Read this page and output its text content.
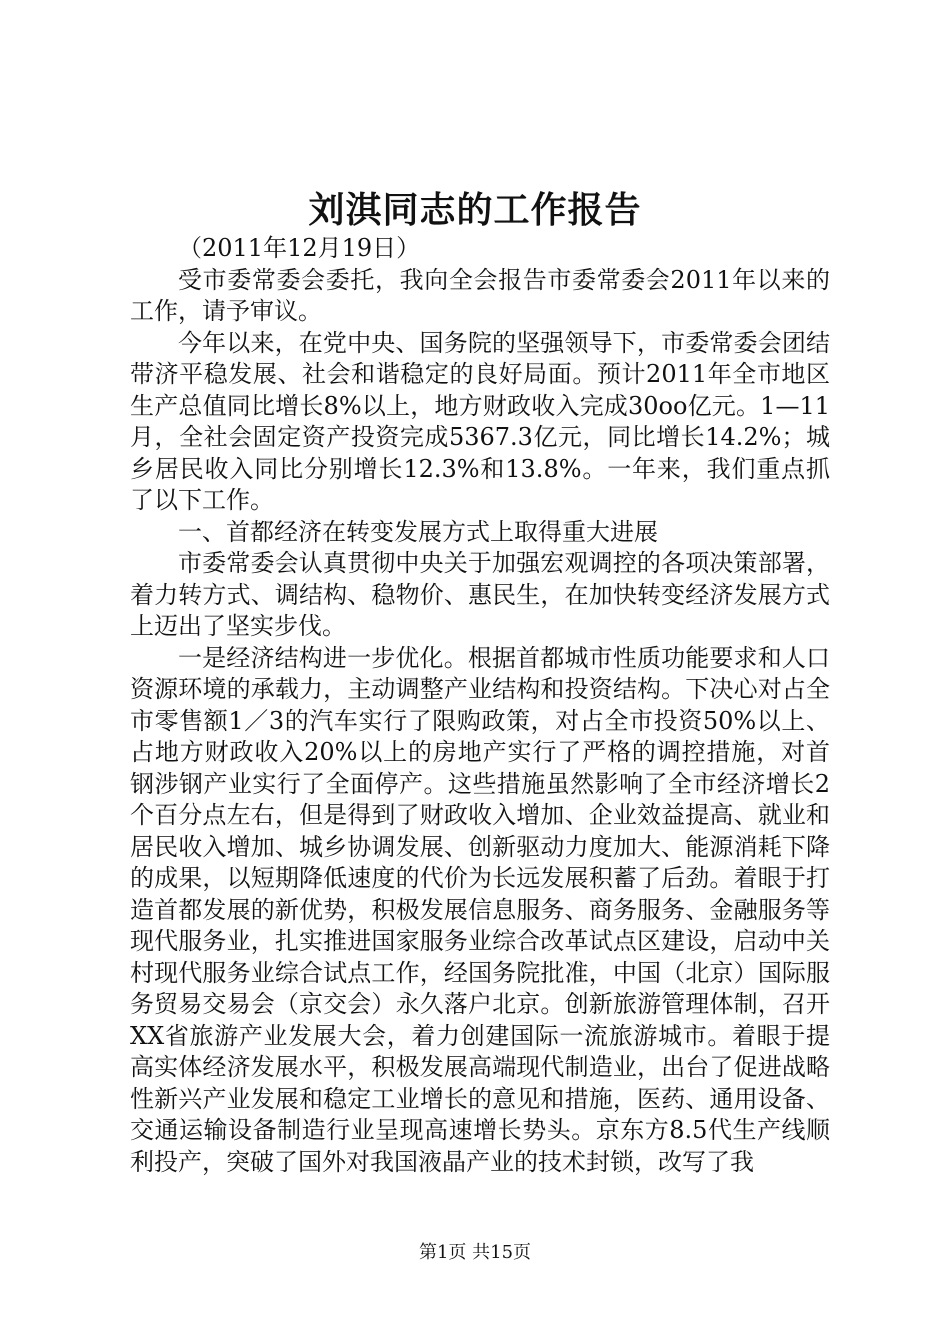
刘淇同志的工作报告

（2011年12月19日）

受市委常委会委托，我向全会报告市委常委会2011年以来的工作，请予审议。

今年以来，在党中央、国务院的坚强领导下，市委常委会团结带济平稳发展、社会和谐稳定的良好局面。预计2011年全市地区生产总值同比增长8%以上，地方财政收入完成30oo亿元。1—11月，全社会固定资产投资完成5367.3亿元，同比增长14.2%；城乡居民收入同比分别增长12.3%和13.8%。一年来，我们重点抓了以下工作。

一、首都经济在转变发展方式上取得重大进展

市委常委会认真贯彻中央关于加强宏观调控的各项决策部署，着力转方式、调结构、稳物价、惠民生，在加快转变经济发展方式上迈出了坚实步伐。

一是经济结构进一步优化。根据首都城市性质功能要求和人口资源环境的承载力，主动调整产业结构和投资结构。下决心对占全市零售额1／3的汽车实行了限购政策，对占全市投资50%以上、占地方财政收入20%以上的房地产实行了严格的调控措施，对首钢涉钢产业实行了全面停产。这些措施虽然影响了全市经济增长2个百分点左右，但是得到了财政收入增加、企业效益提高、就业和居民收入增加、城乡协调发展、创新驱动力度加大、能源消耗下降的成果，以短期降低速度的代价为长远发展积蓄了后劲。着眼于打造首都发展的新优势，积极发展信息服务、商务服务、金融服务等现代服务业，扎实推进国家服务业综合改革试点区建设，启动中关村现代服务业综合试点工作，经国务院批准，中国（北京）国际服务贸易交易会（京交会）永久落户北京。创新旅游管理体制，召开XX省旅游产业发展大会，着力创建国际一流旅游城市。着眼于提高实体经济发展水平，积极发展高端现代制造业，出台了促进战略性新兴产业发展和稳定工业增长的意见和措施，医药、通用设备、交通运输设备制造行业呈现高速增长势头。京东方8.5代生产线顺利投产，突破了国外对我国液晶产业的技术封锁，改写了我

第1页 共15页
